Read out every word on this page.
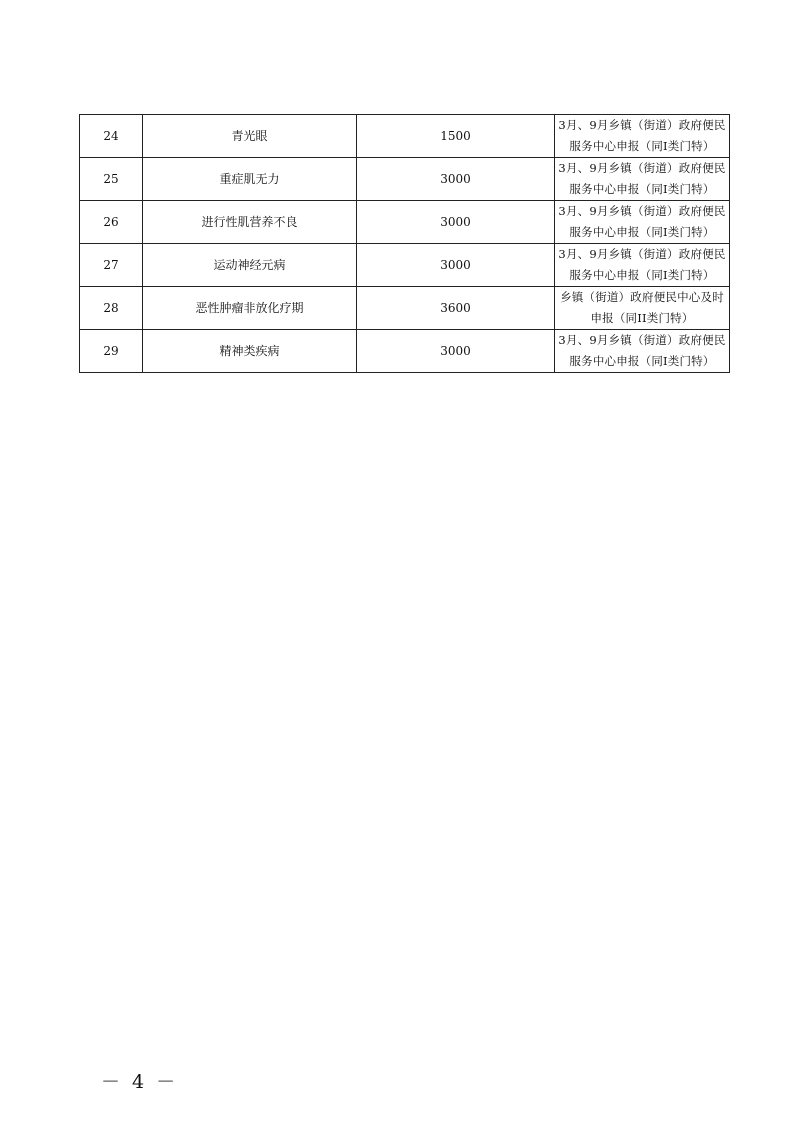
24	青光眼	1500	3月、9月乡镇（街道）政府便民服务中心申报（同I类门特）
25	重症肌无力	3000	3月、9月乡镇（街道）政府便民服务中心申报（同I类门特）
26	进行性肌营养不良	3000	3月、9月乡镇（街道）政府便民服务中心申报（同I类门特）
27	运动神经元病	3000	3月、9月乡镇（街道）政府便民服务中心申报（同I类门特）
28	恶性肿瘤非放化疗期	3600	乡镇（街道）政府便民中心及时申报（同II类门特）
29	精神类疾病	3000	3月、9月乡镇（街道）政府便民服务中心申报（同I类门特）
－ 4 －
